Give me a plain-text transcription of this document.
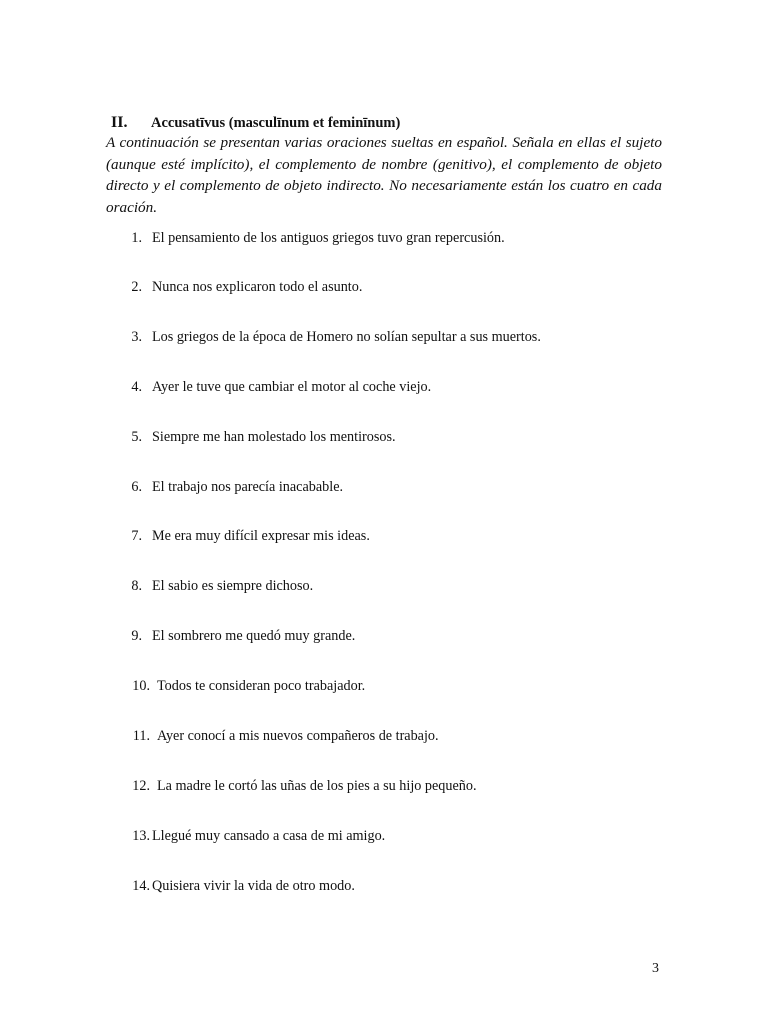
II. Accusatīvus (masculīnum et feminīnum)
A continuación se presentan varias oraciones sueltas en español. Señala en ellas el sujeto (aunque esté implícito), el complemento de nombre (genitivo), el complemento de objeto directo y el complemento de objeto indirecto. No necesariamente están los cuatro en cada oración.
1. El pensamiento de los antiguos griegos tuvo gran repercusión.
2. Nunca nos explicaron todo el asunto.
3. Los griegos de la época de Homero no solían sepultar a sus muertos.
4. Ayer le tuve que cambiar el motor al coche viejo.
5. Siempre me han molestado los mentirosos.
6. El trabajo nos parecía inacabable.
7. Me era muy difícil expresar mis ideas.
8. El sabio es siempre dichoso.
9. El sombrero me quedó muy grande.
10. Todos te consideran poco trabajador.
11. Ayer conocí a mis nuevos compañeros de trabajo.
12. La madre le cortó las uñas de los pies a su hijo pequeño.
13. Llegué muy cansado a casa de mi amigo.
14. Quisiera vivir la vida de otro modo.
3
